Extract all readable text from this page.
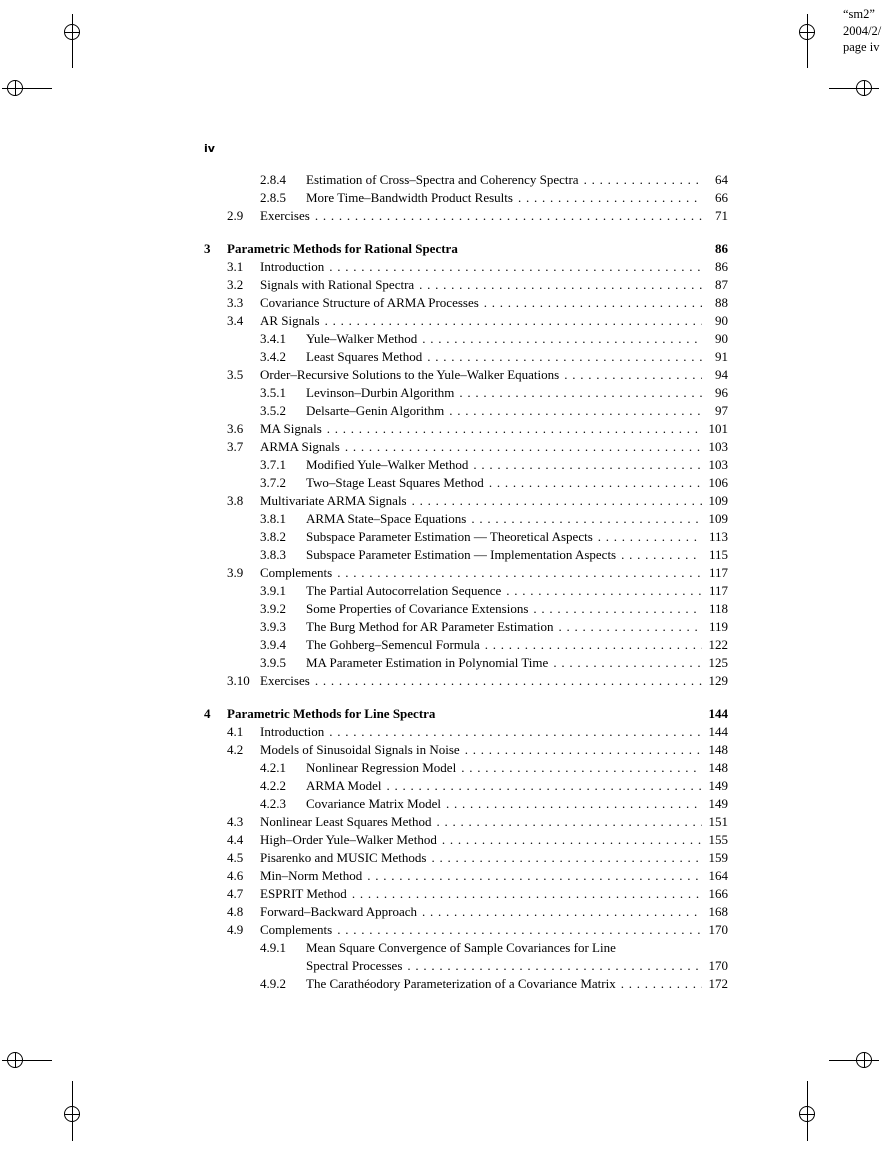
“sm2”
2004/2/
page iv
iv
2.8.4 Estimation of Cross–Spectra and Coherency Spectra . . .	64
2.8.5 More Time–Bandwidth Product Results . . .	66
2.9 Exercises . . .	71
3 Parametric Methods for Rational Spectra	86
3.1 Introduction . . .	86
3.2 Signals with Rational Spectra . . .	87
3.3 Covariance Structure of ARMA Processes . . .	88
3.4 AR Signals . . .	90
3.4.1 Yule–Walker Method . . .	90
3.4.2 Least Squares Method . . .	91
3.5 Order–Recursive Solutions to the Yule–Walker Equations . . .	94
3.5.1 Levinson–Durbin Algorithm . . .	96
3.5.2 Delsarte–Genin Algorithm . . .	97
3.6 MA Signals . . .	101
3.7 ARMA Signals . . .	103
3.7.1 Modified Yule–Walker Method . . .	103
3.7.2 Two–Stage Least Squares Method . . .	106
3.8 Multivariate ARMA Signals . . .	109
3.8.1 ARMA State–Space Equations . . .	109
3.8.2 Subspace Parameter Estimation — Theoretical Aspects . . .	113
3.8.3 Subspace Parameter Estimation — Implementation Aspects . . .	115
3.9 Complements . . .	117
3.9.1 The Partial Autocorrelation Sequence . . .	117
3.9.2 Some Properties of Covariance Extensions . . .	118
3.9.3 The Burg Method for AR Parameter Estimation . . .	119
3.9.4 The Gohberg–Semencul Formula . . .	122
3.9.5 MA Parameter Estimation in Polynomial Time . . .	125
3.10 Exercises . . .	129
4 Parametric Methods for Line Spectra	144
4.1 Introduction . . .	144
4.2 Models of Sinusoidal Signals in Noise . . .	148
4.2.1 Nonlinear Regression Model . . .	148
4.2.2 ARMA Model . . .	149
4.2.3 Covariance Matrix Model . . .	149
4.3 Nonlinear Least Squares Method . . .	151
4.4 High–Order Yule–Walker Method . . .	155
4.5 Pisarenko and MUSIC Methods . . .	159
4.6 Min–Norm Method . . .	164
4.7 ESPRIT Method . . .	166
4.8 Forward–Backward Approach . . .	168
4.9 Complements . . .	170
4.9.1 Mean Square Convergence of Sample Covariances for Line
Spectral Processes . . .	170
4.9.2 The Carathéodory Parameterization of a Covariance Matrix . . .	172
